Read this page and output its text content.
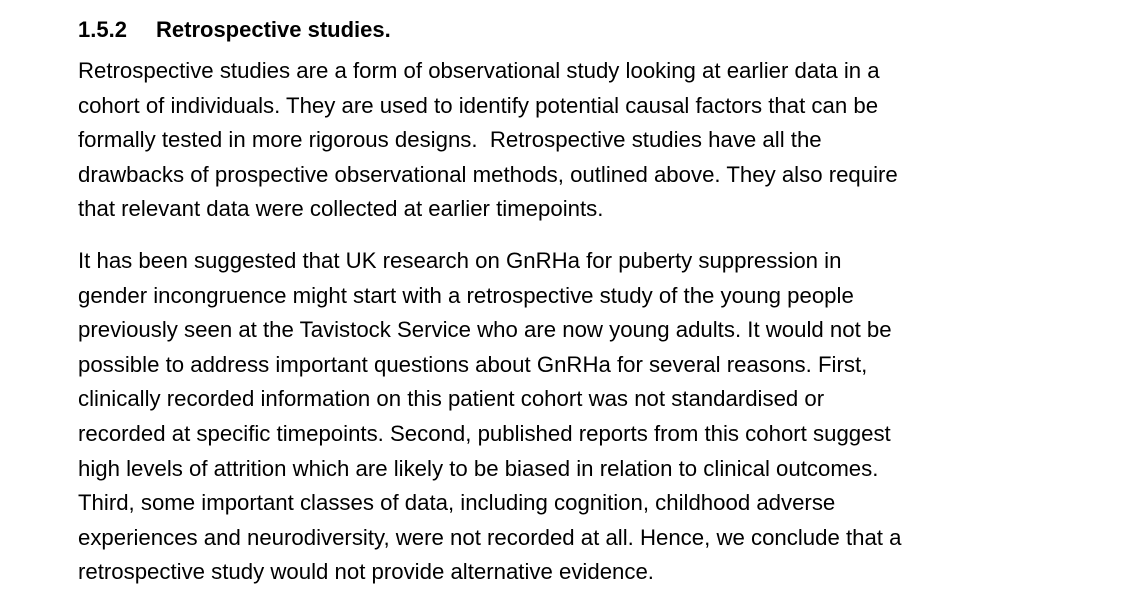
1.5.2	Retrospective studies.

Retrospective studies are a form of observational study looking at earlier data in a
cohort of individuals. They are used to identify potential causal factors that can be
formally tested in more rigorous designs.  Retrospective studies have all the
drawbacks of prospective observational methods, outlined above. They also require
that relevant data were collected at earlier timepoints.

It has been suggested that UK research on GnRHa for puberty suppression in
gender incongruence might start with a retrospective study of the young people
previously seen at the Tavistock Service who are now young adults. It would not be
possible to address important questions about GnRHa for several reasons. First,
clinically recorded information on this patient cohort was not standardised or
recorded at specific timepoints. Second, published reports from this cohort suggest
high levels of attrition which are likely to be biased in relation to clinical outcomes.
Third, some important classes of data, including cognition, childhood adverse
experiences and neurodiversity, were not recorded at all. Hence, we conclude that a
retrospective study would not provide alternative evidence.
